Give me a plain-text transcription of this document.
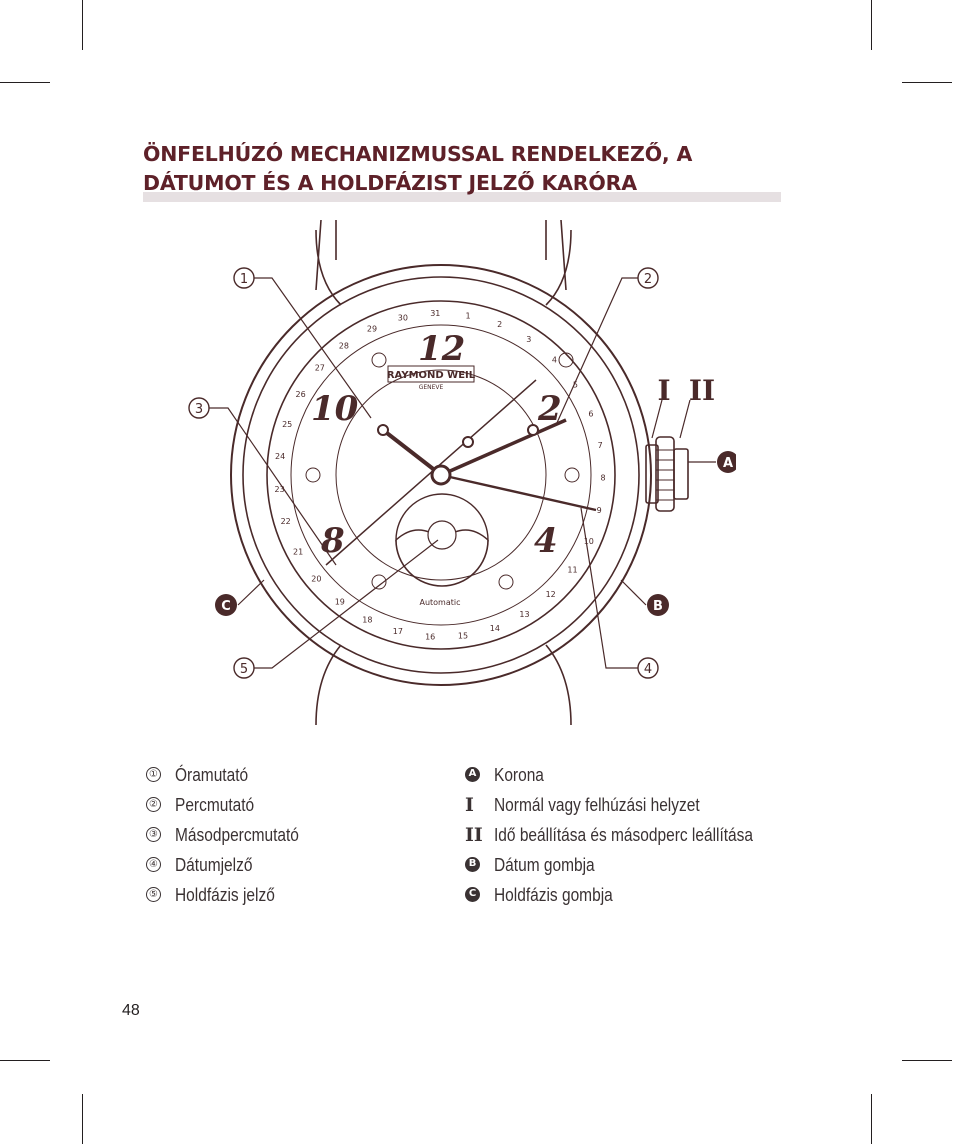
ÖNFELHÚZÓ MECHANIZMUSSAL RENDELKEZŐ, A
DÁTUMOT ÉS A HOLDFÁZIST JELZŐ KARÓRA
12
2
4
8
10
RAYMOND WEIL
GENEVE
Automatic
31	1
2
3
4
5
6
7
8
9
10
11
12
13
14
15
16
17
18
19
20
21
22
23
24
25
26
27
28
29
30
1	2
3
4
5
A
B
C
I II
① Óramutató
② Percmutató
③ Másodpercmutató
④ Dátumjelző
⑤ Holdfázis jelző
A Korona
I Normál vagy felhúzási helyzet
II Idő beállítása és másodperc leállítása
B Dátum gombja
C Holdfázis gombja
48
